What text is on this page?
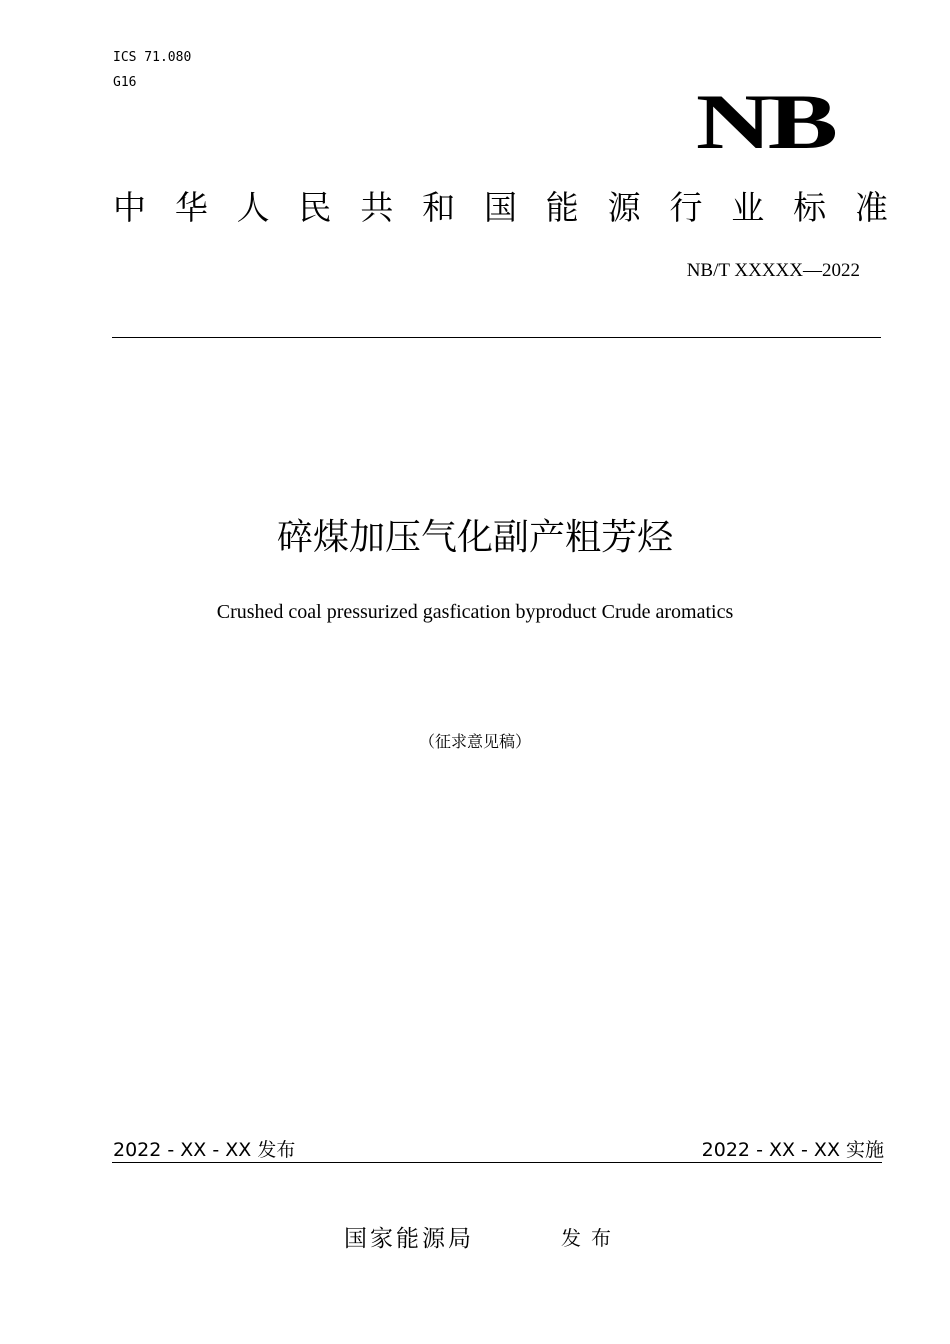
ICS 71.080
G16	NB
中 华 人 民 共 和 国 能 源 行 业 标 准
NB/T XXXXX—2022
碎煤加压气化副产粗芳烃
Crushed coal pressurized gasfication byproduct Crude aromatics
（征求意见稿）
2022 - XX - XX 发布	2022 - XX - XX 实施
国家能源局	发布
